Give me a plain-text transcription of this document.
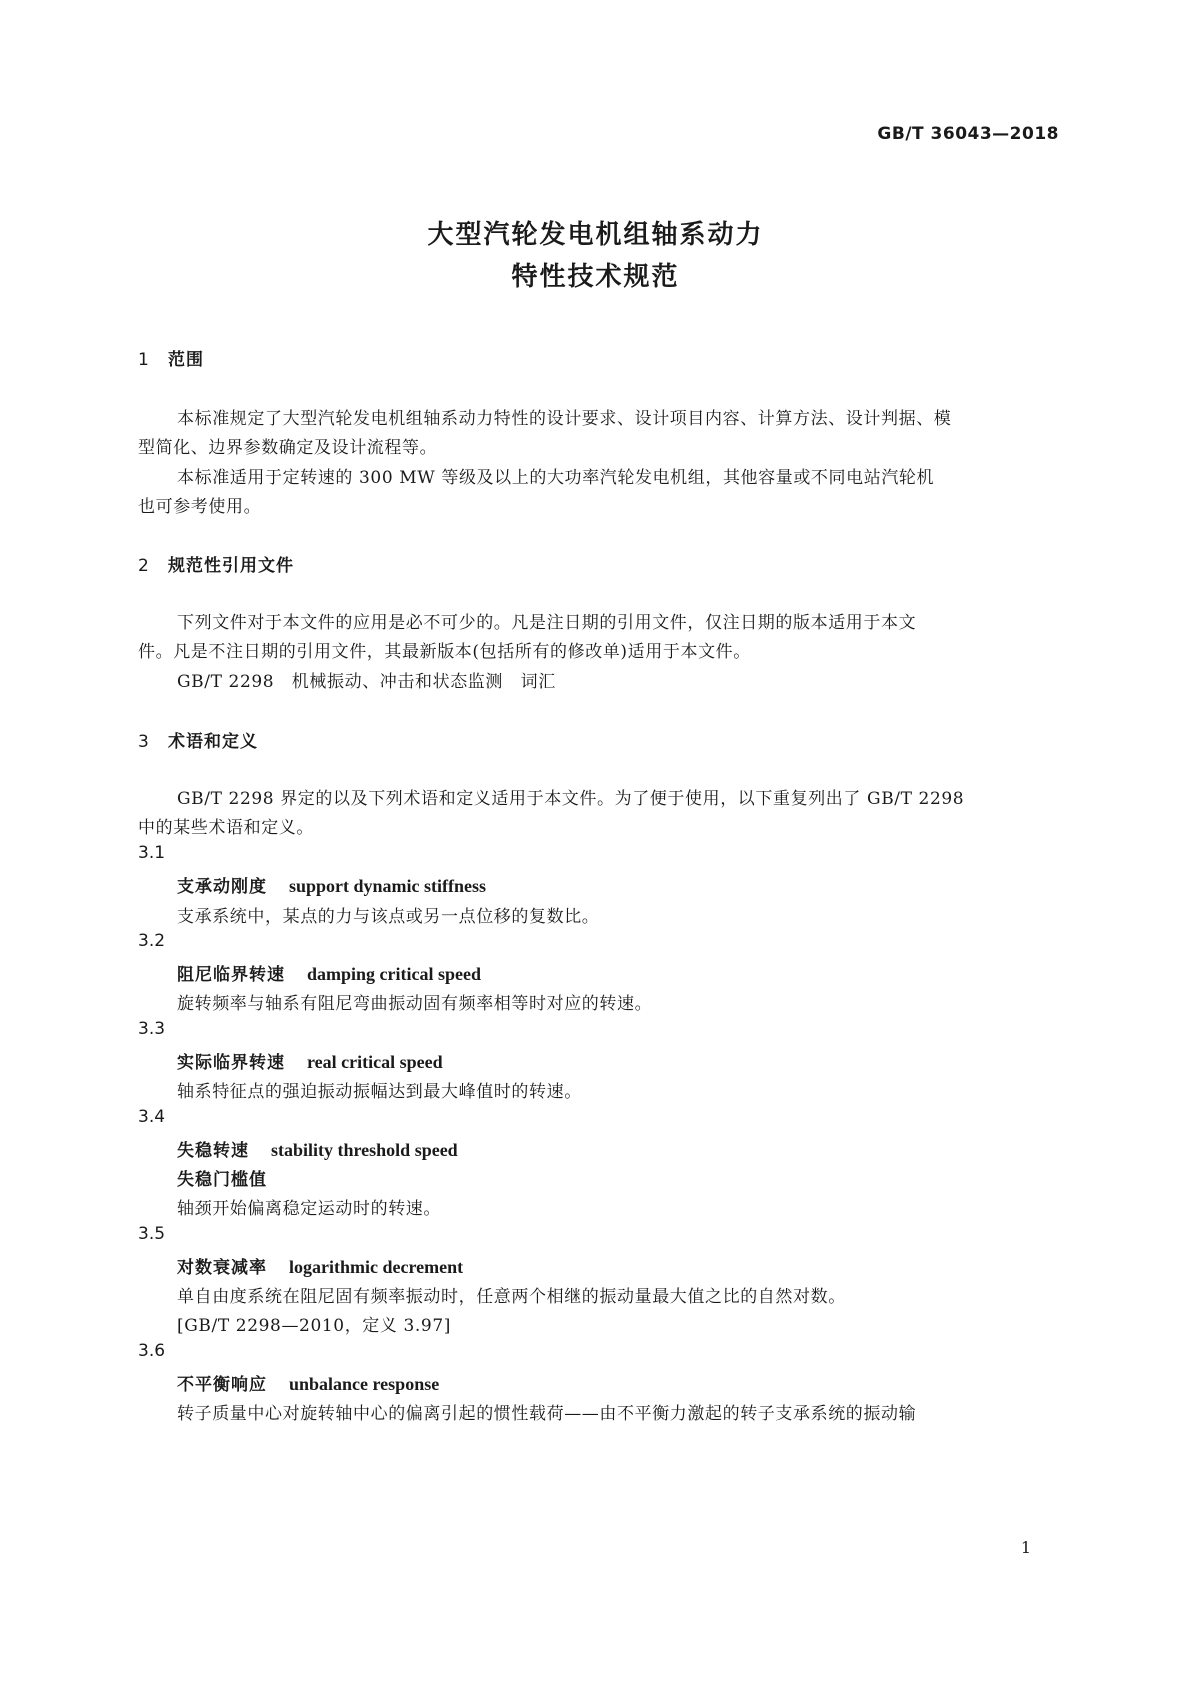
GB/T 36043—2018
大型汽轮发电机组轴系动力
特性技术规范
1 范围
本标准规定了大型汽轮发电机组轴系动力特性的设计要求、设计项目内容、计算方法、设计判据、模
型简化、边界参数确定及设计流程等。
本标准适用于定转速的 300 MW 等级及以上的大功率汽轮发电机组，其他容量或不同电站汽轮机
也可参考使用。
2 规范性引用文件
下列文件对于本文件的应用是必不可少的。凡是注日期的引用文件，仅注日期的版本适用于本文
件。凡是不注日期的引用文件，其最新版本(包括所有的修改单)适用于本文件。
GB/T 2298　机械振动、冲击和状态监测　词汇
3 术语和定义
GB/T 2298 界定的以及下列术语和定义适用于本文件。为了便于使用，以下重复列出了 GB/T 2298
中的某些术语和定义。
3.1
支承动刚度 support dynamic stiffness
支承系统中，某点的力与该点或另一点位移的复数比。
3.2
阻尼临界转速 damping critical speed
旋转频率与轴系有阻尼弯曲振动固有频率相等时对应的转速。
3.3
实际临界转速 real critical speed
轴系特征点的强迫振动振幅达到最大峰值时的转速。
3.4
失稳转速 stability threshold speed
失稳门槛值
轴颈开始偏离稳定运动时的转速。
3.5
对数衰减率 logarithmic decrement
单自由度系统在阻尼固有频率振动时，任意两个相继的振动量最大值之比的自然对数。
[GB/T 2298—2010，定义 3.97]
3.6
不平衡响应 unbalance response
转子质量中心对旋转轴中心的偏离引起的惯性载荷——由不平衡力激起的转子支承系统的振动输
1
